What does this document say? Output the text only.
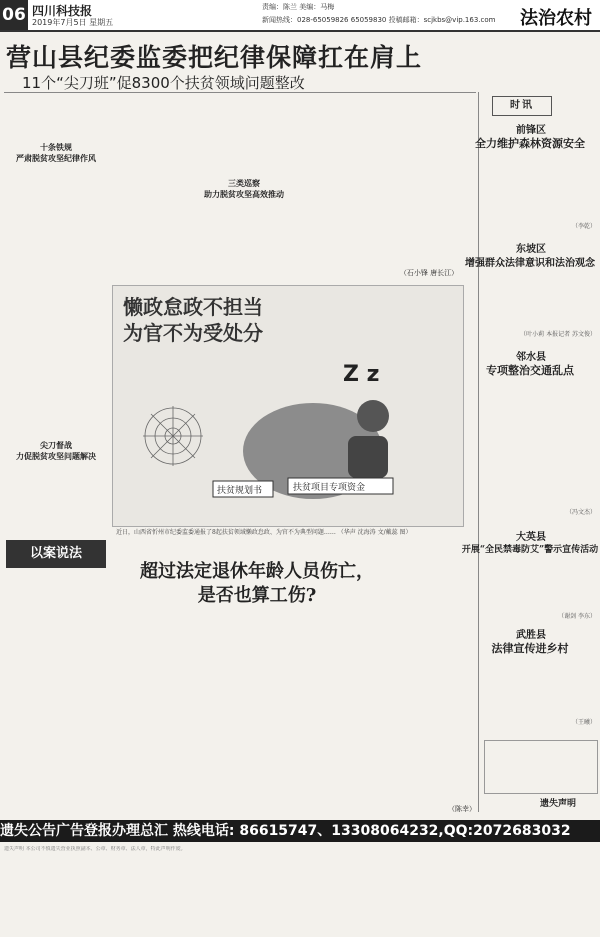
06 四川科技报
2019年7月5日 星期五
责编：陈兰 美编：马梅
新闻热线：028-65059826 65059830 投稿邮箱：scjkbs@vip.163.com 法治农村
营山县纪委监委把纪律保障扛在肩上
11个“尖刀班”促8300个扶贫领域问题整改
十条铁规
严肃脱贫攻坚纪律作风
尖刀督战
力促脱贫攻坚问题解决
三类巡察
助力脱贫攻坚高效推动
（石小锋 唐长江）
懒政怠政不担当
为官不为受处分
Z z
扶贫规划书	扶贫项目专项资金
近日，山西省忻州市纪委监委通报了8起扶贫领域懒政怠政、为官不为典型问题…… （华声 沈海涛 文/戴蕊 图）
时讯
前锋区
全力维护森林资源安全
（李乾）
东坡区
增强群众法律意识和法治观念
（叶小莉 本报记者 苏文俊）
邻水县
专项整治交通乱点
（冯文杰）
大英县
开展“全民禁毒防艾”警示宣传活动
（谢剑 李东）
武胜县
法律宣传进乡村
（王曦）
遗失声明
以案说法
超过法定退休年龄人员伤亡，
是否也算工伤?
（陈幸）
遗失公告广告登报办理总汇 热线电话: 86615747、13308064232,QQ:2072683032
遗失声明 本公司不慎遗失营业执照副本、公章、财务章、法人章，特此声明作废。
